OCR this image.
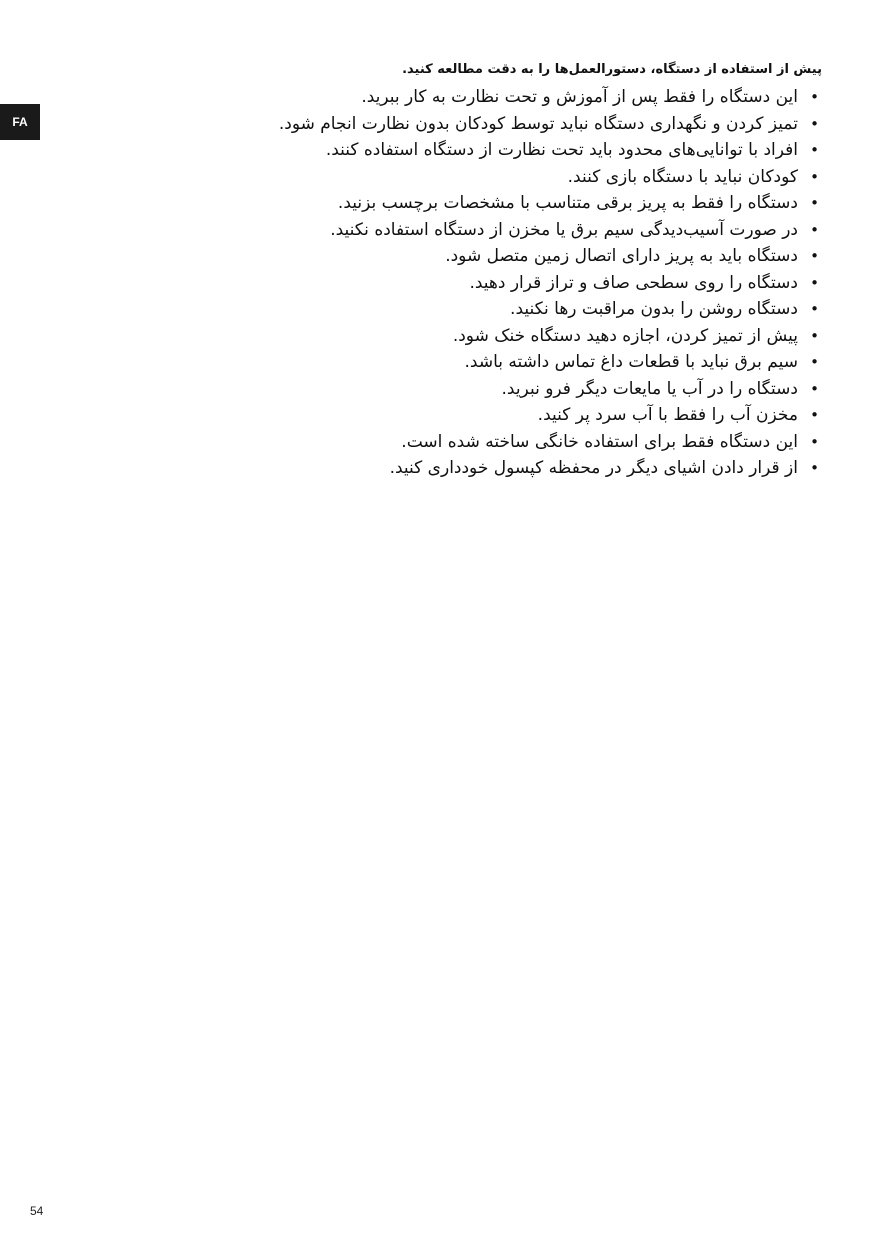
FA
پیش از استفاده از دستگاه، دستورالعمل‌ها را به دقت مطالعه کنید.
•
این دستگاه را فقط پس از آموزش و تحت نظارت به کار ببرید.
•
تمیز کردن و نگهداری دستگاه نباید توسط کودکان بدون نظارت انجام شود.
•
افراد با توانایی‌های محدود باید تحت نظارت از دستگاه استفاده کنند.
•
کودکان نباید با دستگاه بازی کنند.
•
دستگاه را فقط به پریز برقی متناسب با مشخصات برچسب بزنید.
•
در صورت آسیب‌دیدگی سیم برق یا مخزن از دستگاه استفاده نکنید.
•
دستگاه باید به پریز دارای اتصال زمین متصل شود.
•
دستگاه را روی سطحی صاف و تراز قرار دهید.
•
دستگاه روشن را بدون مراقبت رها نکنید.
•
پیش از تمیز کردن، اجازه دهید دستگاه خنک شود.
•
سیم برق نباید با قطعات داغ تماس داشته باشد.
•
دستگاه را در آب یا مایعات دیگر فرو نبرید.
•
مخزن آب را فقط با آب سرد پر کنید.
•
این دستگاه فقط برای استفاده خانگی ساخته شده است.
•
از قرار دادن اشیای دیگر در محفظه کپسول خودداری کنید.
54
